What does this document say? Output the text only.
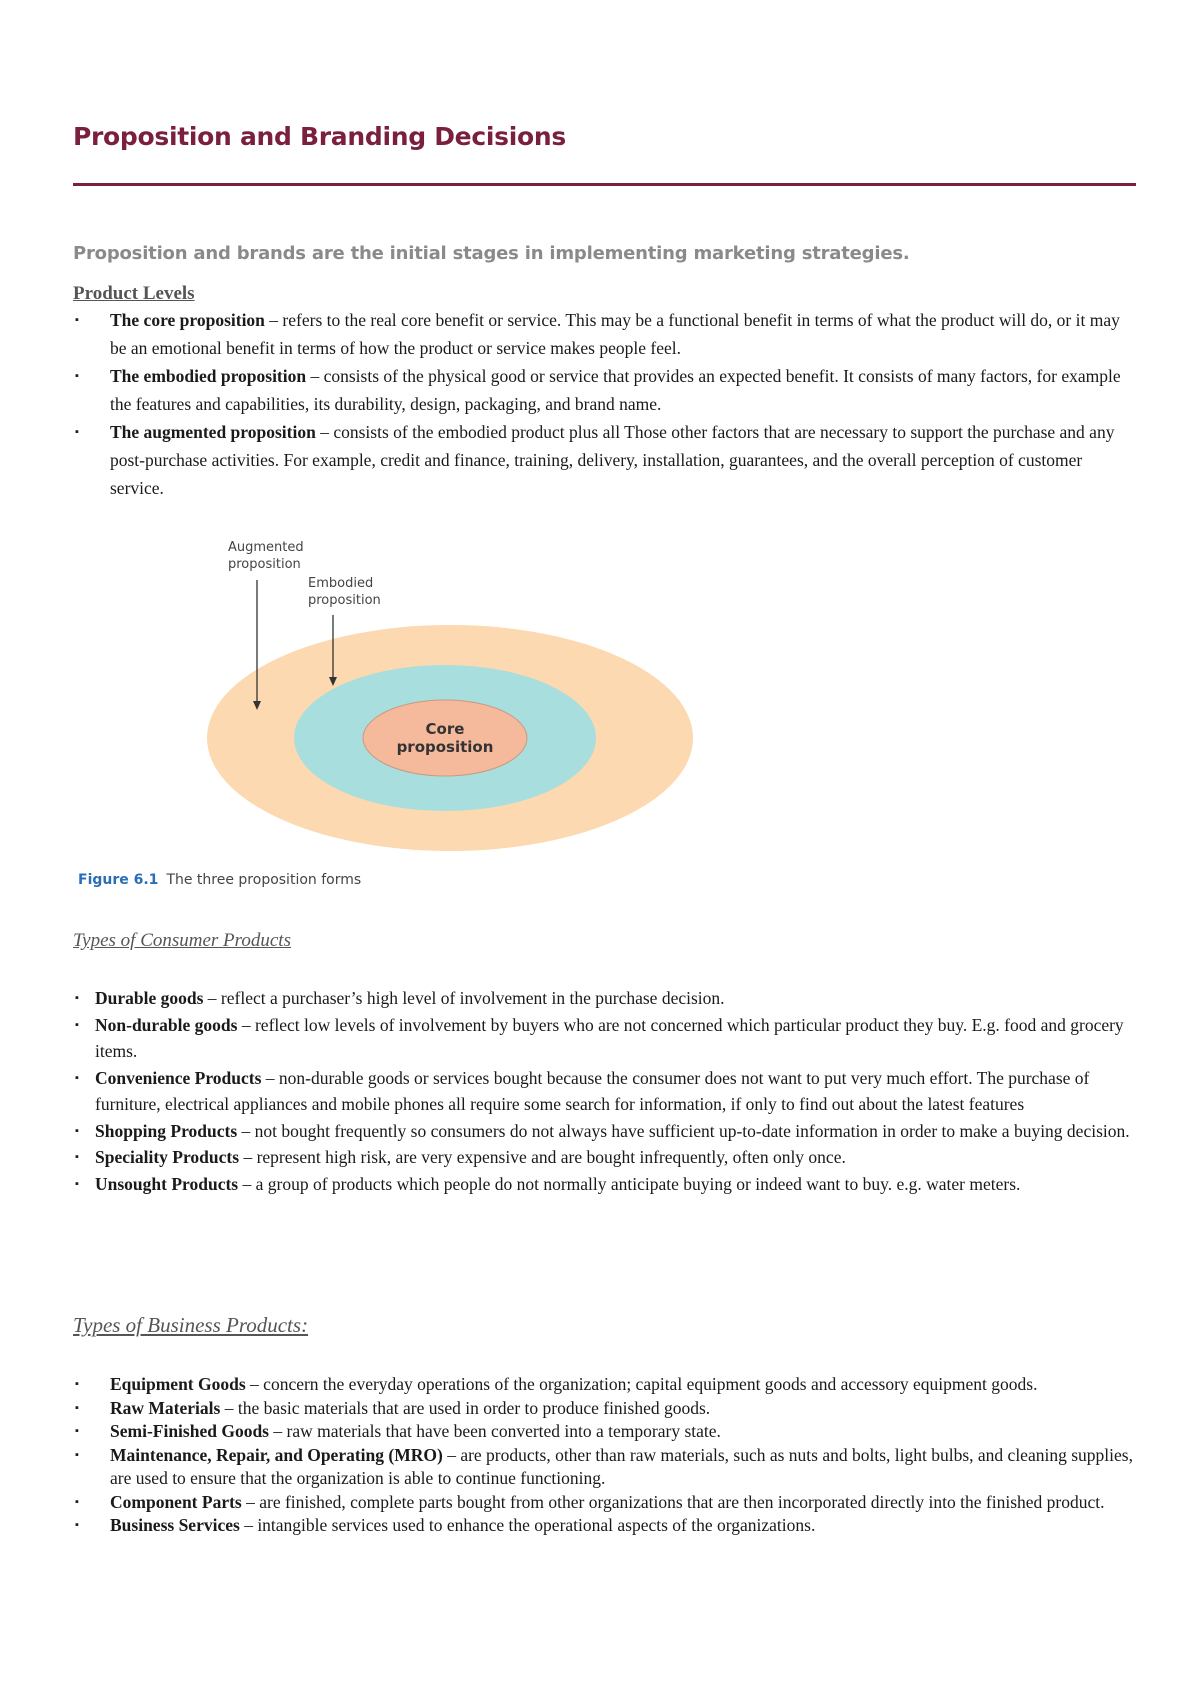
Proposition and Branding Decisions
Proposition and brands are the initial stages in implementing marketing strategies.
Product Levels
▪ The core proposition – refers to the real core benefit or service. This may be a functional benefit in terms of what the product will do, or it may be an emotional benefit in terms of how the product or service makes people feel.
▪ The embodied proposition – consists of the physical good or service that provides an expected benefit. It consists of many factors, for example the features and capabilities, its durability, design, packaging, and brand name.
▪ The augmented proposition – consists of the embodied product plus all Those other factors that are necessary to support the purchase and any post-purchase activities. For example, credit and finance, training, delivery, installation, guarantees, and the overall perception of customer service.
Augmented
proposition
Embodied
proposition
Core
proposition
Figure 6.1 The three proposition forms
Types of Consumer Products
▪ Durable goods – reflect a purchaser’s high level of involvement in the purchase decision.
▪ Non-durable goods – reflect low levels of involvement by buyers who are not concerned which particular product they buy. E.g. food and grocery items.
▪ Convenience Products – non-durable goods or services bought because the consumer does not want to put very much effort. The purchase of furniture, electrical appliances and mobile phones all require some search for information, if only to find out about the latest features
▪ Shopping Products – not bought frequently so consumers do not always have sufficient up-to-date information in order to make a buying decision.
▪ Speciality Products – represent high risk, are very expensive and are bought infrequently, often only once.
▪ Unsought Products – a group of products which people do not normally anticipate buying or indeed want to buy. e.g. water meters.
Types of Business Products:
▪ Equipment Goods – concern the everyday operations of the organization; capital equipment goods and accessory equipment goods.
▪ Raw Materials – the basic materials that are used in order to produce finished goods.
▪ Semi-Finished Goods – raw materials that have been converted into a temporary state.
▪ Maintenance, Repair, and Operating (MRO) – are products, other than raw materials, such as nuts and bolts, light bulbs, and cleaning supplies, are used to ensure that the organization is able to continue functioning.
▪ Component Parts – are finished, complete parts bought from other organizations that are then incorporated directly into the finished product.
▪ Business Services – intangible services used to enhance the operational aspects of the organizations.
